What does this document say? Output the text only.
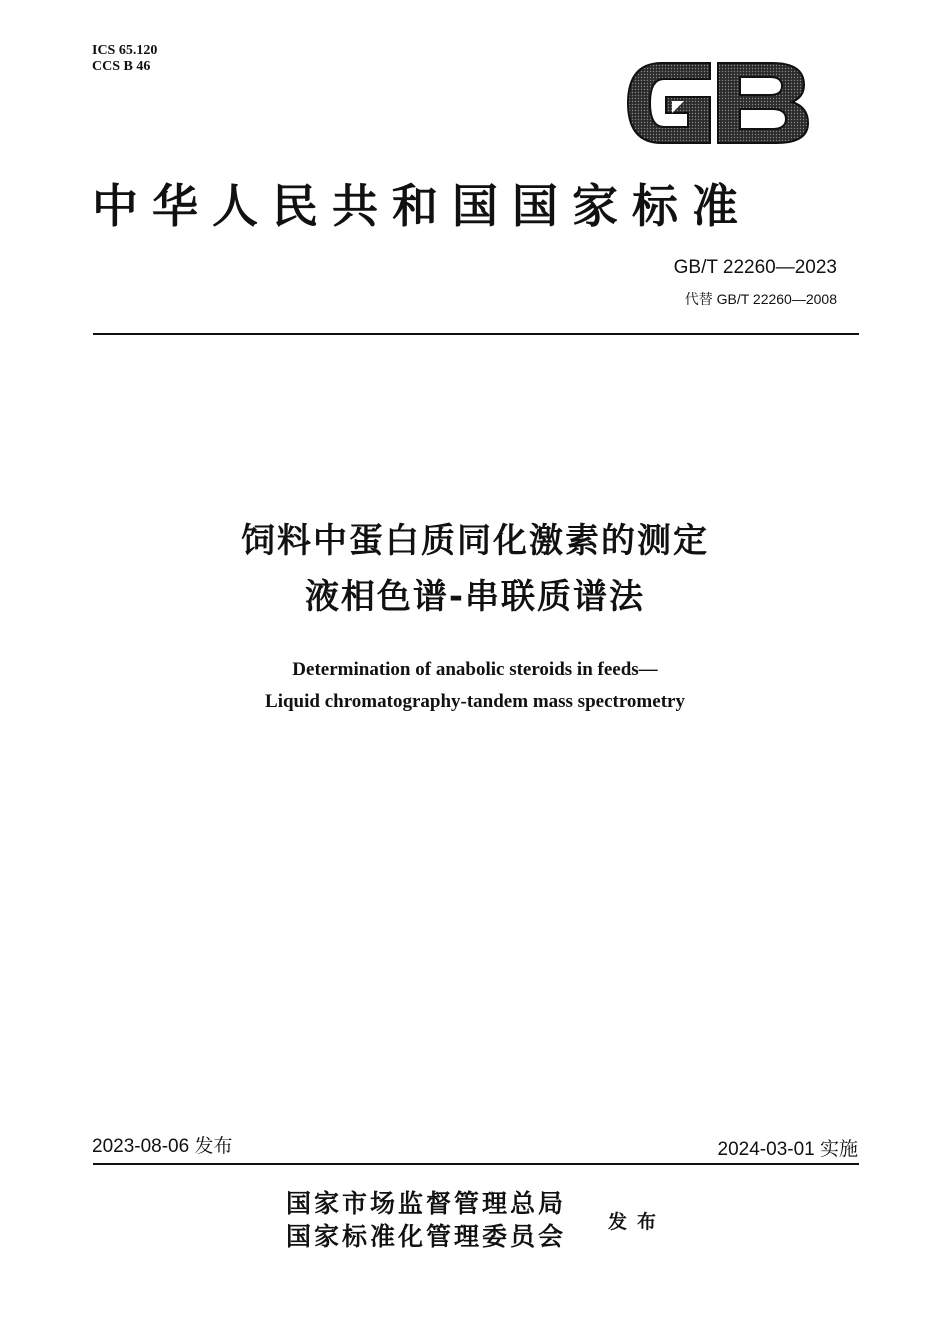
ICS 65.120
CCS B 46
中华人民共和国国家标准
GB/T 22260—2023
代替 GB/T 22260—2008
饲料中蛋白质同化激素的测定
液相色谱-串联质谱法
Determination of anabolic steroids in feeds—
Liquid chromatography-tandem mass spectrometry
2023-08-06 发布	2024-03-01 实施
国家市场监督管理总局
国家标准化管理委员会 发布
